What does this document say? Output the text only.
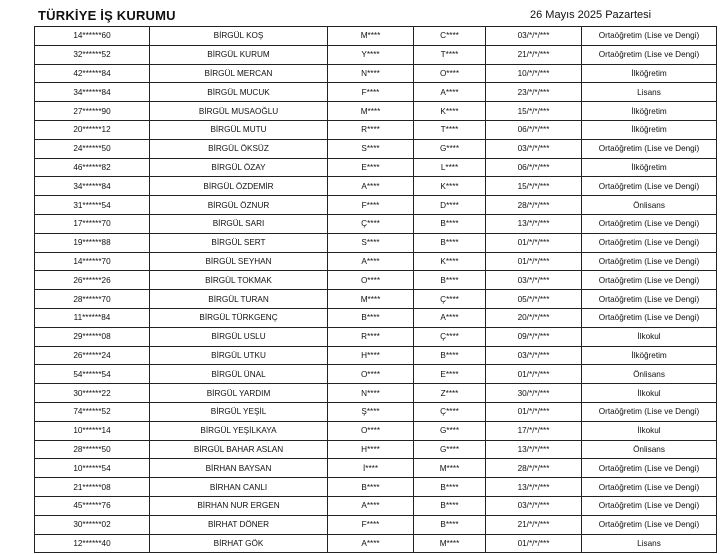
TÜRKİYE İŞ KURUMU	26 Mayıs 2025 Pazartesi
14******60	BİRGÜL KOŞ	M****	C****	03/*/*/***	Ortaöğretim (Lise ve Dengi)
32******52	BİRGÜL KURUM	Y****	T****	21/*/*/***	Ortaöğretim (Lise ve Dengi)
42******84	BİRGÜL MERCAN	N****	O****	10/*/*/***	İlköğretim
34******84	BİRGÜL MUCUK	F****	A****	23/*/*/***	Lisans
27******90	BİRGÜL MUSAOĞLU	M****	K****	15/*/*/***	İlköğretim
20******12	BİRGÜL MUTU	R****	T****	06/*/*/***	İlköğretim
24******50	BİRGÜL ÖKSÜZ	S****	G****	03/*/*/***	Ortaöğretim (Lise ve Dengi)
46******82	BİRGÜL ÖZAY	E****	L****	06/*/*/***	İlköğretim
34******84	BİRGÜL ÖZDEMİR	A****	K****	15/*/*/***	Ortaöğretim (Lise ve Dengi)
31******54	BİRGÜL ÖZNUR	F****	D****	28/*/*/***	Önlisans
17******70	BİRGÜL SARI	Ç****	B****	13/*/*/***	Ortaöğretim (Lise ve Dengi)
19******88	BİRGÜL SERT	S****	B****	01/*/*/***	Ortaöğretim (Lise ve Dengi)
14******70	BİRGÜL SEYHAN	A****	K****	01/*/*/***	Ortaöğretim (Lise ve Dengi)
26******26	BİRGÜL TOKMAK	O****	B****	03/*/*/***	Ortaöğretim (Lise ve Dengi)
28******70	BİRGÜL TURAN	M****	Ç****	05/*/*/***	Ortaöğretim (Lise ve Dengi)
11******84	BİRGÜL TÜRKGENÇ	B****	A****	20/*/*/***	Ortaöğretim (Lise ve Dengi)
29******08	BİRGÜL USLU	R****	Ç****	09/*/*/***	İlkokul
26******24	BİRGÜL UTKU	H****	B****	03/*/*/***	İlköğretim
54******54	BİRGÜL ÜNAL	O****	E****	01/*/*/***	Önlisans
30******22	BİRGÜL YARDIM	N****	Z****	30/*/*/***	İlkokul
74******52	BİRGÜL YEŞİL	Ş****	Ç****	01/*/*/***	Ortaöğretim (Lise ve Dengi)
10******14	BİRGÜL YEŞİLKAYA	O****	G****	17/*/*/***	İlkokul
28******50	BİRGÜL BAHAR ASLAN	H****	G****	13/*/*/***	Önlisans
10******54	BİRHAN BAYSAN	İ****	M****	28/*/*/***	Ortaöğretim (Lise ve Dengi)
21******08	BİRHAN CANLI	B****	B****	13/*/*/***	Ortaöğretim (Lise ve Dengi)
45******76	BİRHAN NUR ERGEN	A****	B****	03/*/*/***	Ortaöğretim (Lise ve Dengi)
30******02	BİRHAT DÖNER	F****	B****	21/*/*/***	Ortaöğretim (Lise ve Dengi)
12******40	BİRHAT GÖK	A****	M****	01/*/*/***	Lisans
